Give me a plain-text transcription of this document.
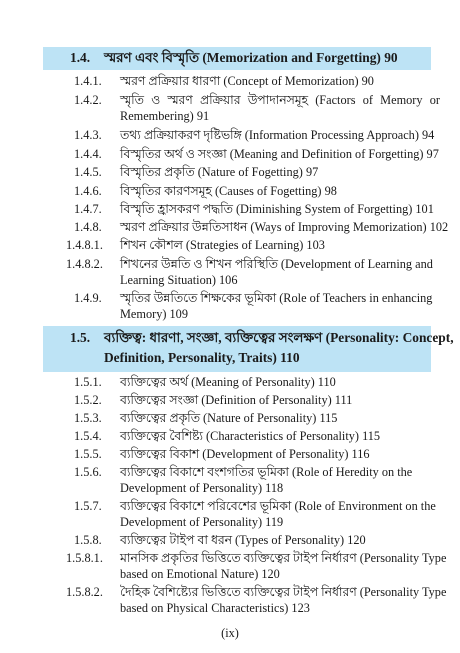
1.4. স্মরণ এবং বিস্মৃতি (Memorization and Forgetting) 90
1.4.1. স্মরণ প্রক্রিয়ার ধারণা (Concept of Memorization) 90
1.4.2. স্মৃতি ও স্মরণ প্রক্রিয়ার উপাদানসমূহ (Factors of Memory or
Remembering) 91
1.4.3. তথ্য প্রক্রিয়াকরণ দৃষ্টিভঙ্গি (Information Processing Approach) 94
1.4.4. বিস্মৃতির অর্থ ও সংজ্ঞা (Meaning and Definition of Forgetting) 97
1.4.5. বিস্মৃতির প্রকৃতি (Nature of Fogetting) 97
1.4.6. বিস্মৃতির কারণসমূহ (Causes of Fogetting) 98
1.4.7. বিস্মৃতি হ্রাসকরণ পদ্ধতি (Diminishing System of Forgetting) 101
1.4.8. স্মরণ প্রক্রিয়ার উন্নতিসাধন (Ways of Improving Memorization) 102
1.4.8.1. শিখন কৌশল (Strategies of Learning) 103
1.4.8.2. শিখনের উন্নতি ও শিখন পরিস্থিতি (Development of Learning and
Learning Situation) 106
1.4.9. স্মৃতির উন্নতিতে শিক্ষকের ভূমিকা (Role of Teachers in enhancing
Memory) 109
1.5. ব্যক্তিত্ব: ধারণা, সংজ্ঞা, ব্যক্তিত্বের সংলক্ষণ (Personality: Concept,
Definition, Personality, Traits) 110
1.5.1. ব্যক্তিত্বের অর্থ (Meaning of Personality) 110
1.5.2. ব্যক্তিত্বের সংজ্ঞা (Definition of Personality) 111
1.5.3. ব্যক্তিত্বের প্রকৃতি (Nature of Personality) 115
1.5.4. ব্যক্তিত্বের বৈশিষ্ট্য (Characteristics of Personality) 115
1.5.5. ব্যক্তিত্বের বিকাশ (Development of Personality) 116
1.5.6. ব্যক্তিত্বের বিকাশে বংশগতির ভূমিকা (Role of Heredity on the
Development of Personality) 118
1.5.7. ব্যক্তিত্বের বিকাশে পরিবেশের ভূমিকা (Role of Environment on the
Development of Personality) 119
1.5.8. ব্যক্তিত্বের টাইপ বা ধরন (Types of Personality) 120
1.5.8.1. মানসিক প্রকৃতির ভিত্তিতে ব্যক্তিত্বের টাইপ নির্ধারণ (Personality Type
based on Emotional Nature) 120
1.5.8.2. দৈহিক বৈশিষ্ট্যের ভিত্তিতে ব্যক্তিত্বের টাইপ নির্ধারণ (Personality Type
based on Physical Characteristics) 123
(ix)
